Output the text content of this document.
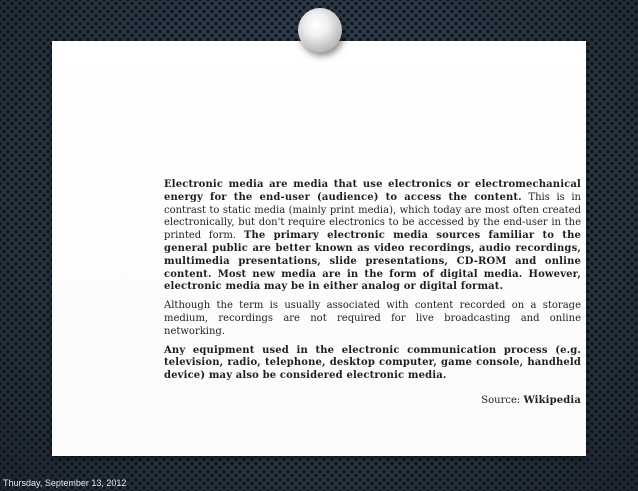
Electronic media are media that use electronics or electromechanical energy for the end-user (audience) to access the content. This is in contrast to static media (mainly print media), which today are most often created electronically, but don't require electronics to be accessed by the end-user in the printed form. The primary electronic media sources familiar to the general public are better known as video recordings, audio recordings, multimedia presentations, slide presentations, CD-ROM and online content. Most new media are in the form of digital media. However, electronic media may be in either analog or digital format.

Although the term is usually associated with content recorded on a storage medium, recordings are not required for live broadcasting and online networking.

Any equipment used in the electronic communication process (e.g. television, radio, telephone, desktop computer, game console, handheld device) may also be considered electronic media.

Source: Wikipedia
Thursday, September 13, 2012
